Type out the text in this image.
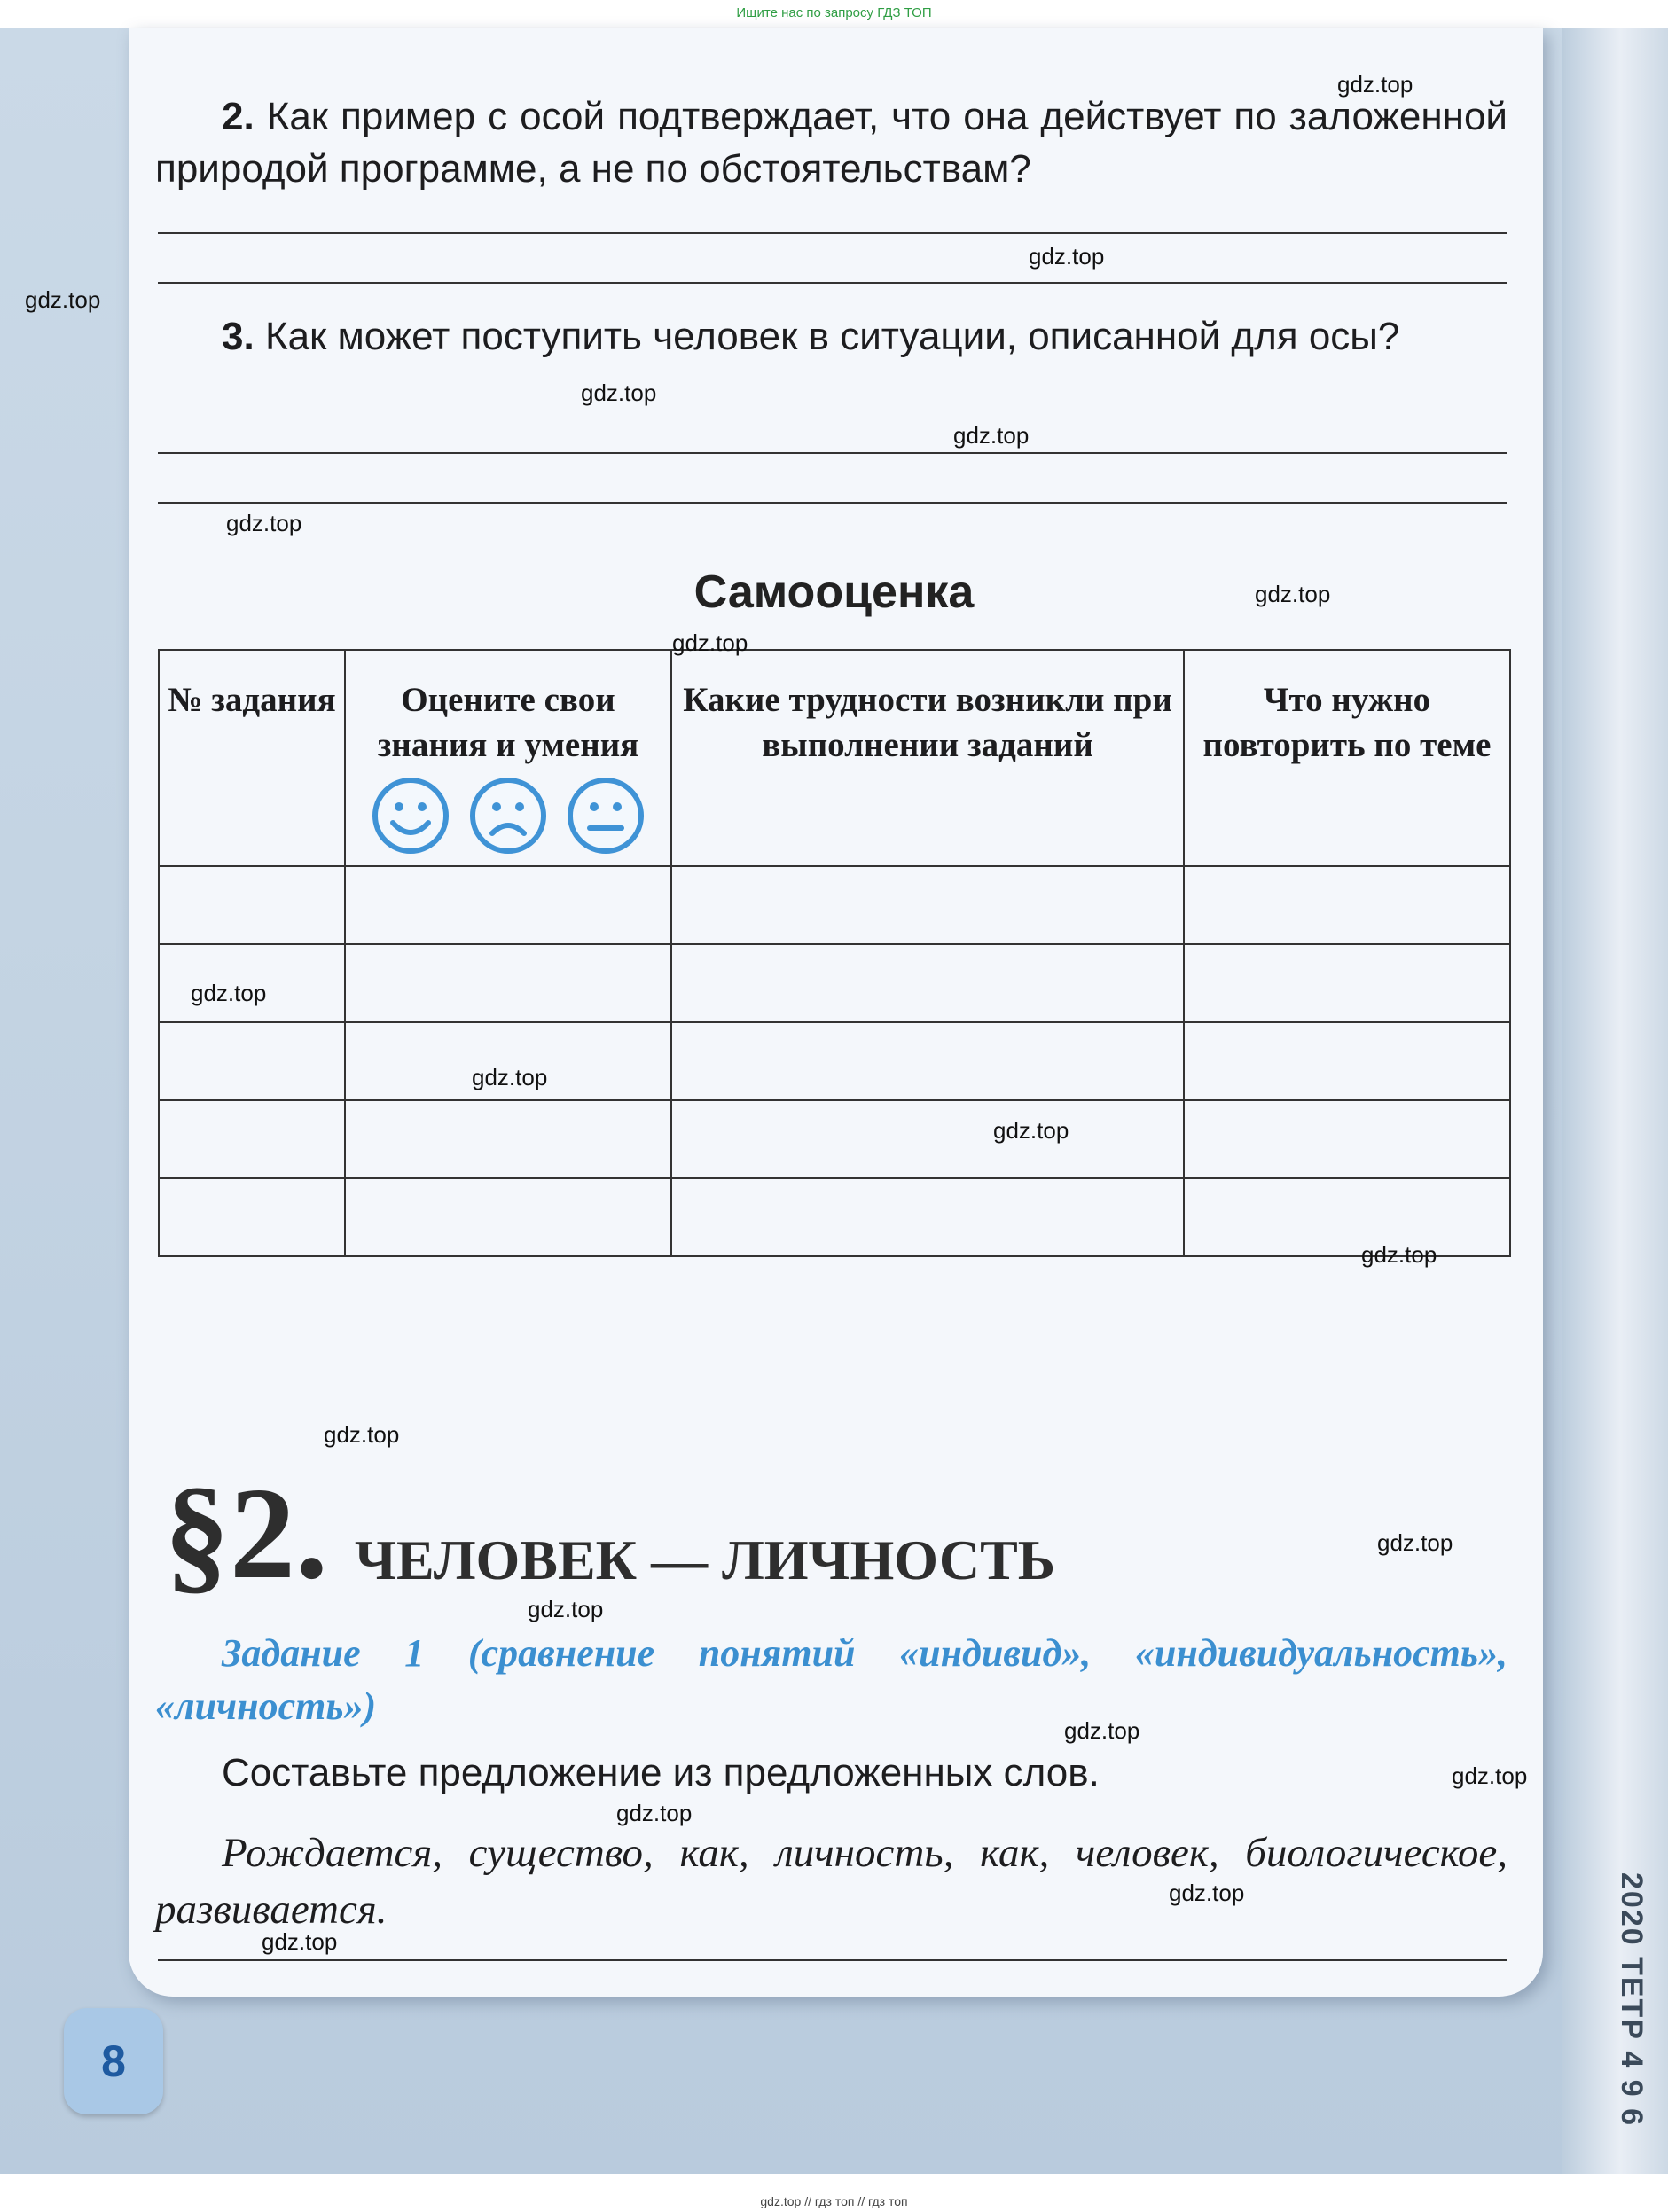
Ищите нас по запросу ГДЗ ТОП
2020 ТЕТР 4 9 6
2. Как пример с осой подтверждает, что она действует по заложенной природой программе, а не по обстоятельствам?
3. Как может поступить человек в ситуации, описанной для осы?
Самооценка
№ задания	Оцените свои знания и умения	Какие трудности возникли при выполнении заданий	Что нужно повторить по теме

§2. ЧЕЛОВЕК — ЛИЧНОСТЬ
Задание 1 (сравнение понятий «индивид», «индивидуальность», «личность»)
Составьте предложение из предложенных слов.
Рождается, существо, как, личность, как, человек, биологическое, развивается.
8
gdz.top
gdz.top
gdz.top
gdz.top
gdz.top
gdz.top
gdz.top
gdz.top
gdz.top
gdz.top
gdz.top
gdz.top
gdz.top
gdz.top
gdz.top
gdz.top
gdz.top
gdz.top
gdz.top
gdz.top
gdz.top // гдз топ // гдз топ
